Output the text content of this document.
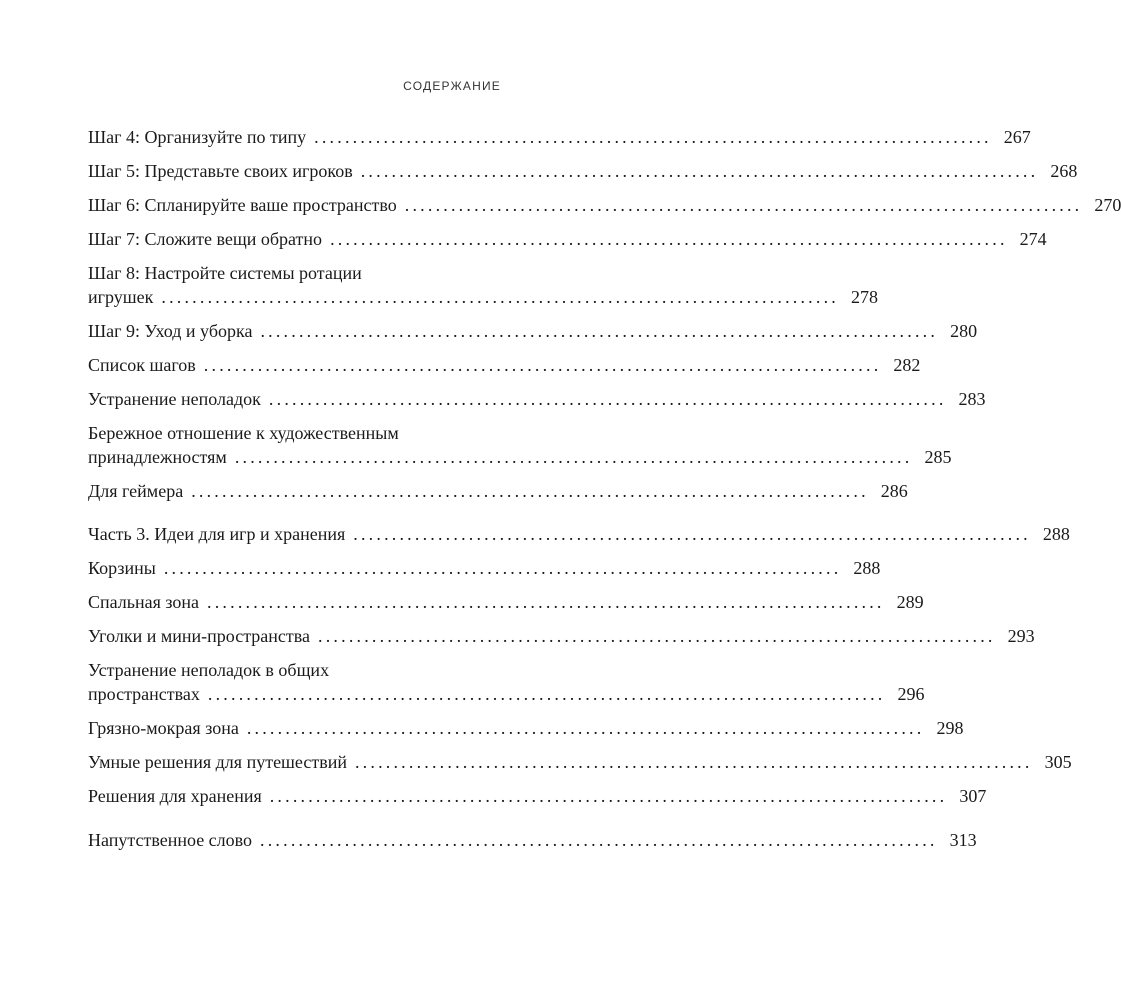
СОДЕРЖАНИЕ
Шаг 4: Организуйте по типу ........................................................................................ 267
Шаг 5: Представьте своих игроков ........................................................................................ 268
Шаг 6: Спланируйте ваше пространство ........................................................................................ 270
Шаг 7: Сложите вещи обратно ........................................................................................ 274
Шаг 8: Настройте системы ротации
игрушек ........................................................................................ 278
Шаг 9: Уход и уборка ........................................................................................ 280
Список шагов ........................................................................................ 282
Устранение неполадок ........................................................................................ 283
Бережное отношение к художественным
принадлежностям ........................................................................................ 285
Для геймера ........................................................................................ 286
Часть 3. Идеи для игр и хранения ........................................................................................ 288
Корзины ........................................................................................ 288
Спальная зона ........................................................................................ 289
Уголки и мини-пространства ........................................................................................ 293
Устранение неполадок в общих
пространствах ........................................................................................ 296
Грязно-мокрая зона ........................................................................................ 298
Умные решения для путешествий ........................................................................................ 305
Решения для хранения ........................................................................................ 307
Напутственное слово ........................................................................................ 313
